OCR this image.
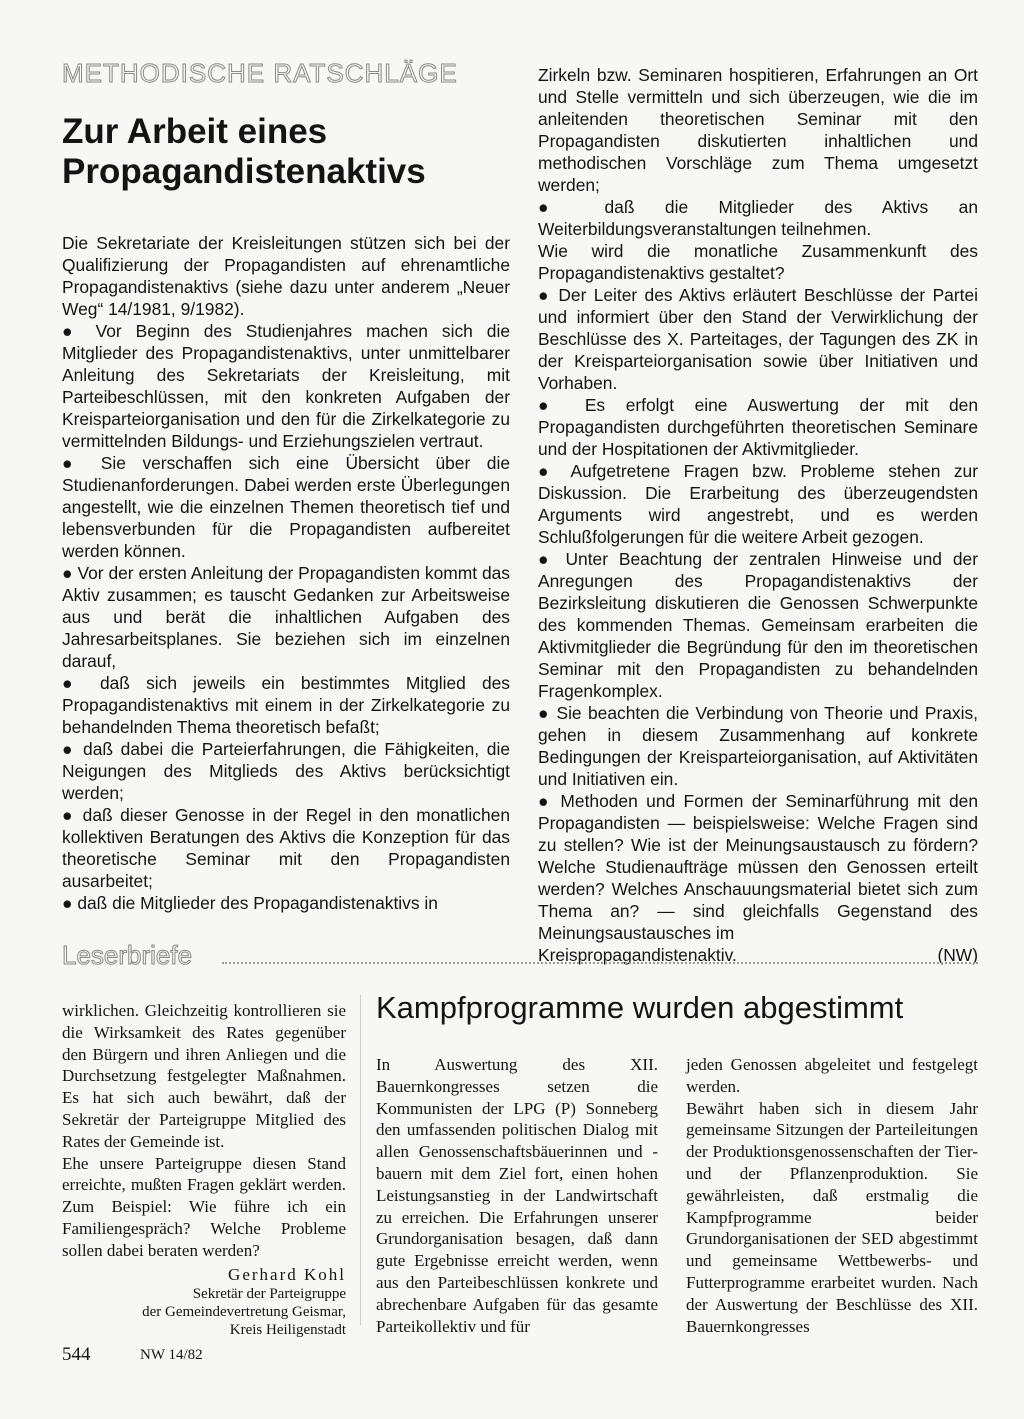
METHODISCHE RATSCHLÄGE
Zur Arbeit eines Propagandistenaktivs

Die Sekretariate der Kreisleitungen stützen sich bei der Qualifizierung der Propagandisten auf ehrenamtliche Propagandistenaktivs (siehe dazu unter anderem „Neuer Weg“ 14/1981, 9/1982).

● Vor Beginn des Studienjahres machen sich die Mitglieder des Propagandistenaktivs, unter unmittelbarer Anleitung des Sekretariats der Kreisleitung, mit Parteibeschlüssen, mit den konkreten Aufgaben der Kreisparteiorganisation und den für die Zirkelkategorie zu vermittelnden Bildungs- und Erziehungszielen vertraut.

● Sie verschaffen sich eine Übersicht über die Studienanforderungen. Dabei werden erste Überlegungen angestellt, wie die einzelnen Themen theoretisch tief und lebensverbunden für die Propagandisten aufbereitet werden können.

● Vor der ersten Anleitung der Propagandisten kommt das Aktiv zusammen; es tauscht Gedanken zur Arbeitsweise aus und berät die inhaltlichen Aufgaben des Jahresarbeitsplanes. Sie beziehen sich im einzelnen darauf,

● daß sich jeweils ein bestimmtes Mitglied des Propagandistenaktivs mit einem in der Zirkelkategorie zu behandelnden Thema theoretisch befaßt;

● daß dabei die Parteierfahrungen, die Fähigkeiten, die Neigungen des Mitglieds des Aktivs berücksichtigt werden;

● daß dieser Genosse in der Regel in den monatlichen kollektiven Beratungen des Aktivs die Konzeption für das theoretische Seminar mit den Propagandisten ausarbeitet;

● daß die Mitglieder des Propagandistenaktivs in

Zirkeln bzw. Seminaren hospitieren, Erfahrungen an Ort und Stelle vermitteln und sich überzeugen, wie die im anleitenden theoretischen Seminar mit den Propagandisten diskutierten inhaltlichen und methodischen Vorschläge zum Thema umgesetzt werden;

● daß die Mitglieder des Aktivs an Weiterbildungsveranstaltungen teilnehmen.

Wie wird die monatliche Zusammenkunft des Propagandistenaktivs gestaltet?

● Der Leiter des Aktivs erläutert Beschlüsse der Partei und informiert über den Stand der Verwirklichung der Beschlüsse des X. Parteitages, der Tagungen des ZK in der Kreisparteiorganisation sowie über Initiativen und Vorhaben.

● Es erfolgt eine Auswertung der mit den Propagandisten durchgeführten theoretischen Seminare und der Hospitationen der Aktivmitglieder.

● Aufgetretene Fragen bzw. Probleme stehen zur Diskussion. Die Erarbeitung des überzeugendsten Arguments wird angestrebt, und es werden Schlußfolgerungen für die weitere Arbeit gezogen.

● Unter Beachtung der zentralen Hinweise und der Anregungen des Propagandistenaktivs der Bezirksleitung diskutieren die Genossen Schwerpunkte des kommenden Themas. Gemeinsam erarbeiten die Aktivmitglieder die Begründung für den im theoretischen Seminar mit den Propagandisten zu behandelnden Fragenkomplex.

● Sie beachten die Verbindung von Theorie und Praxis, gehen in diesem Zusammenhang auf konkrete Bedingungen der Kreisparteiorganisation, auf Aktivitäten und Initiativen ein.

● Methoden und Formen der Seminarführung mit den Propagandisten — beispielsweise: Welche Fragen sind zu stellen? Wie ist der Meinungsaustausch zu fördern? Welche Studienaufträge müssen den Genossen erteilt werden? Welches Anschauungsmaterial bietet sich zum Thema an? — sind gleichfalls Gegenstand des Meinungsaustausches im

Kreispropagandistenaktiv.	(NW)

Leserbriefe

wirklichen. Gleichzeitig kontrollieren sie die Wirksamkeit des Rates gegenüber den Bürgern und ihren Anliegen und die Durchsetzung festgelegter Maßnahmen. Es hat sich auch bewährt, daß der Sekretär der Parteigruppe Mitglied des Rates der Gemeinde ist.

Ehe unsere Parteigruppe diesen Stand erreichte, mußten Fragen geklärt werden. Zum Beispiel: Wie führe ich ein Familiengespräch? Welche Probleme sollen dabei beraten werden?

Gerhard Kohl
Sekretär der Parteigruppe
der Gemeindevertretung Geismar,
Kreis Heiligenstadt
Kampfprogramme wurden abgestimmt

In Auswertung des XII. Bauernkongresses setzen die Kommunisten der LPG (P) Sonneberg den umfassenden politischen Dialog mit allen Genossenschaftsbäuerinnen und -bauern mit dem Ziel fort, einen hohen Leistungsanstieg in der Landwirtschaft zu erreichen. Die Erfahrungen unserer Grundorganisation besagen, daß dann gute Ergebnisse erreicht werden, wenn aus den Parteibeschlüssen konkrete und abrechenbare Aufgaben für das gesamte Parteikollektiv und für

jeden Genossen abgeleitet und festgelegt werden.

Bewährt haben sich in diesem Jahr gemeinsame Sitzungen der Parteileitungen der Produktionsgenossenschaften der Tier- und der Pflanzenproduktion. Sie gewährleisten, daß erstmalig die Kampfprogramme beider Grundorganisationen der SED abgestimmt und gemeinsame Wettbewerbs- und Futterprogramme erarbeitet wurden. Nach der Auswertung der Beschlüsse des XII. Bauernkongresses

544	NW 14/82
